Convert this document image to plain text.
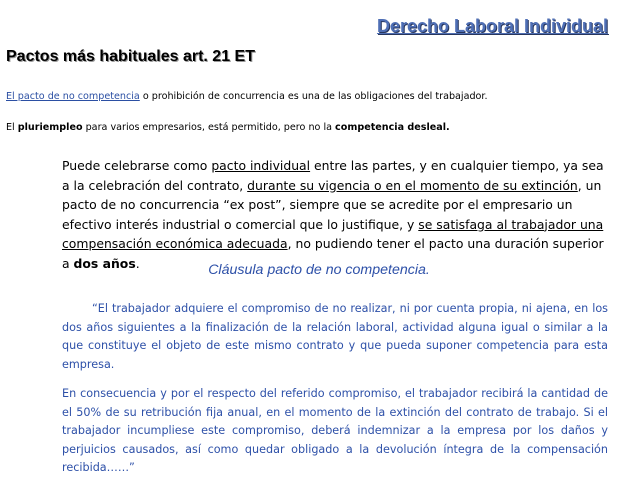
Derecho Laboral Individual
Pactos más habituales art. 21 ET

El pacto de no competencia o prohibición de concurrencia es una de las obligaciones del trabajador.

El pluriempleo para varios empresarios, está permitido, pero no la competencia desleal.

Puede celebrarse como pacto individual entre las partes, y en cualquier tiempo, ya sea a la celebración del contrato, durante su vigencia o en el momento de su extinción, un pacto de no concurrencia “ex post”, siempre que se acredite por el empresario un efectivo interés industrial o comercial que lo justifique, y se satisfaga al trabajador una compensación económica adecuada, no pudiendo tener el pacto una duración superior a dos años.	Cláusula pacto de no competencia.

“El trabajador adquiere el compromiso de no realizar, ni por cuenta propia, ni ajena, en los dos años siguientes a la finalización de la relación laboral, actividad alguna igual o similar a la que constituye el objeto de este mismo contrato y que pueda suponer competencia para esta empresa.

En consecuencia y por el respecto del referido compromiso, el trabajador recibirá la cantidad de el 50% de su retribución fija anual, en el momento de la extinción del contrato de trabajo. Si el trabajador incumpliese este compromiso, deberá indemnizar a la empresa por los daños y perjuicios causados, así como quedar obligado a la devolución íntegra de la compensación recibida……”
